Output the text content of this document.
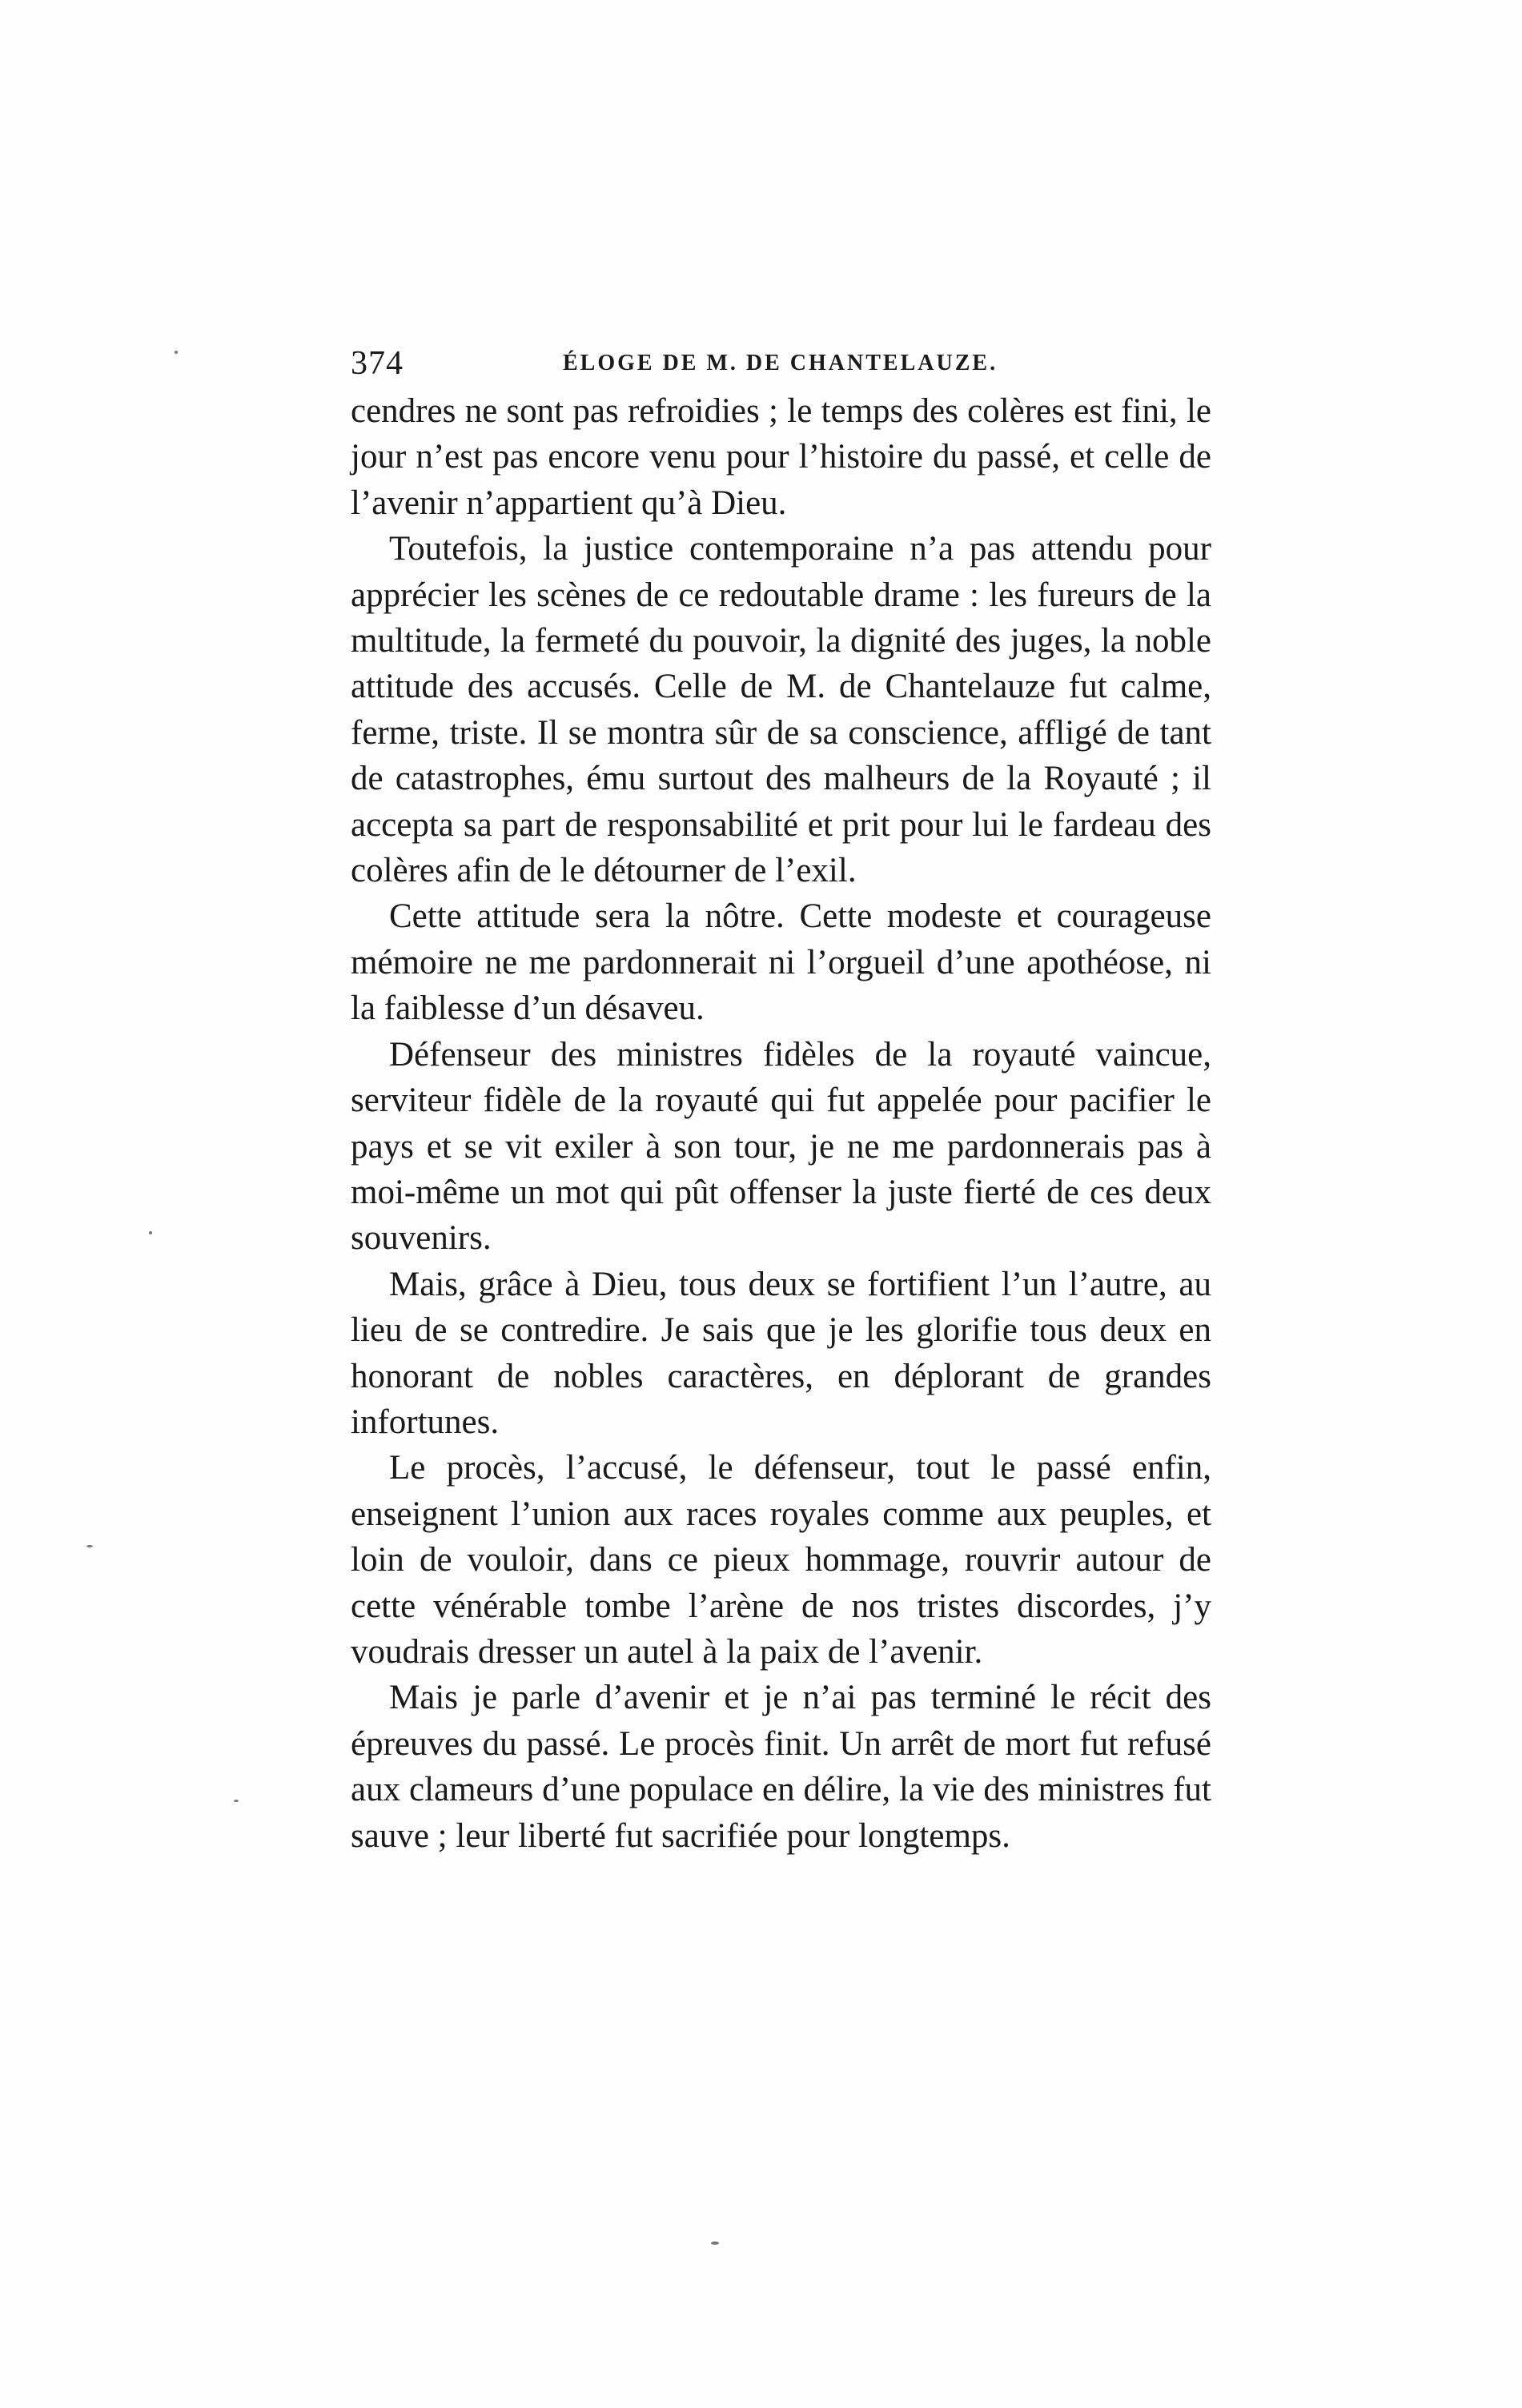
374	ÉLOGE DE M. DE CHANTELAUZE.

cendres ne sont pas refroidies ; le temps des colères est fini, le jour n’est pas encore venu pour l’histoire du passé, et celle de l’avenir n’appartient qu’à Dieu.

Toutefois, la justice contemporaine n’a pas attendu pour apprécier les scènes de ce redoutable drame : les fureurs de la multitude, la fermeté du pouvoir, la dignité des juges, la noble attitude des accusés. Celle de M. de Chantelauze fut calme, ferme, triste. Il se montra sûr de sa conscience, affligé de tant de catastrophes, ému surtout des malheurs de la Royauté ; il accepta sa part de responsabilité et prit pour lui le fardeau des colères afin de le détourner de l’exil.

Cette attitude sera la nôtre. Cette modeste et courageuse mémoire ne me pardonnerait ni l’orgueil d’une apothéose, ni la faiblesse d’un désaveu.

Défenseur des ministres fidèles de la royauté vaincue, serviteur fidèle de la royauté qui fut appelée pour pacifier le pays et se vit exiler à son tour, je ne me pardonnerais pas à moi-même un mot qui pût offenser la juste fierté de ces deux souvenirs.

Mais, grâce à Dieu, tous deux se fortifient l’un l’autre, au lieu de se contredire. Je sais que je les glorifie tous deux en honorant de nobles caractères, en déplorant de grandes infortunes.

Le procès, l’accusé, le défenseur, tout le passé enfin, enseignent l’union aux races royales comme aux peuples, et loin de vouloir, dans ce pieux hommage, rouvrir autour de cette vénérable tombe l’arène de nos tristes discordes, j’y voudrais dresser un autel à la paix de l’avenir.

Mais je parle d’avenir et je n’ai pas terminé le récit des épreuves du passé. Le procès finit. Un arrêt de mort fut refusé aux clameurs d’une populace en délire, la vie des ministres fut sauve ; leur liberté fut sacrifiée pour longtemps.
